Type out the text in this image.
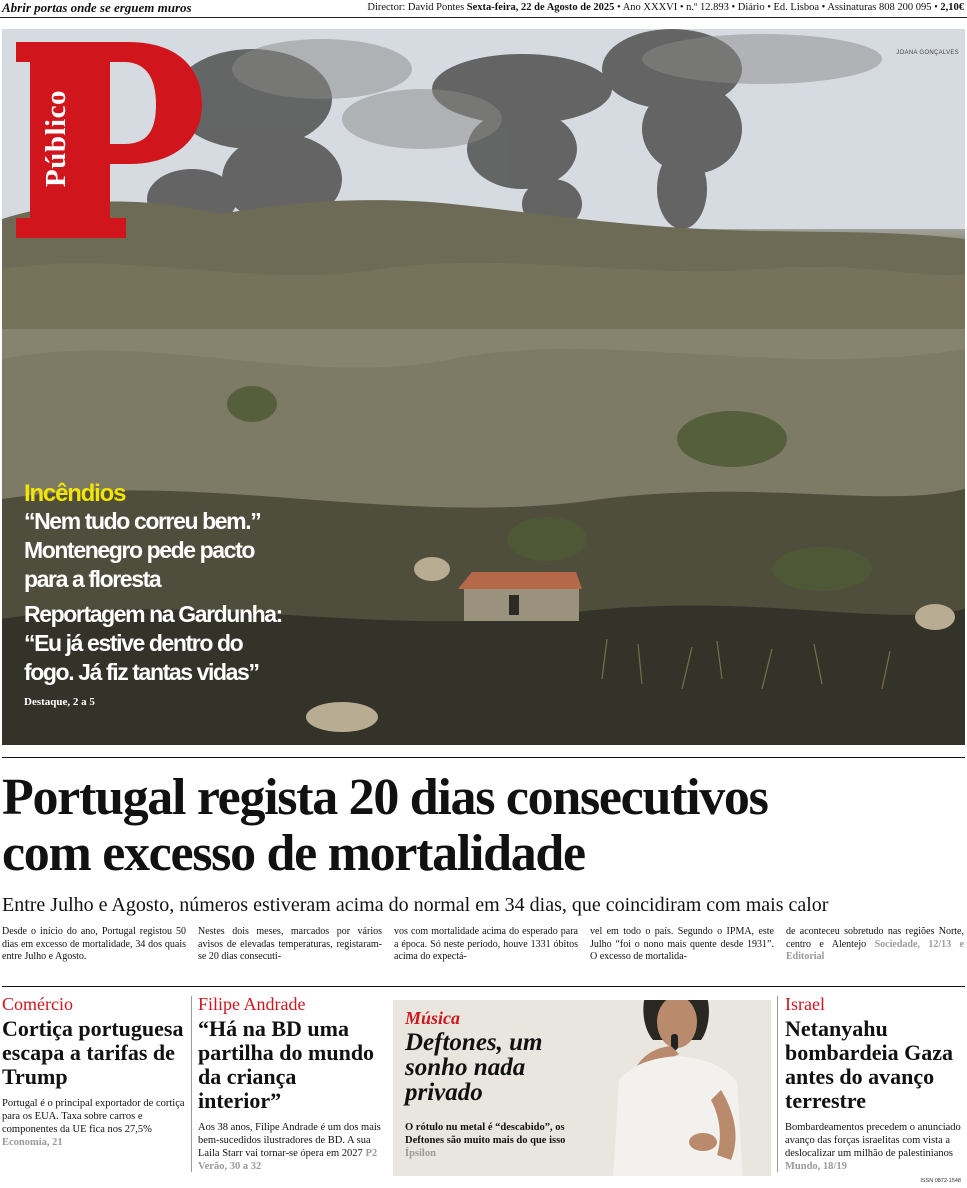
Abrir portas onde se erguem muros	Director: David Pontes Sexta-feira, 22 de Agosto de 2025 • Ano XXXVI • n.º 12.893 • Diário • Ed. Lisboa • Assinaturas 808 200 095 • 2,10€
JOANA GONÇALVES
Público
Incêndios
“Nem tudo correu bem.”
Montenegro pede pacto
para a floresta
Reportagem na Gardunha:
“Eu já estive dentro do
fogo. Já fiz tantas vidas”
Destaque, 2 a 5
Portugal regista 20 dias consecutivos
com excesso de mortalidade
Entre Julho e Agosto, números estiveram acima do normal em 34 dias, que coincidiram com mais calor
Desde o início do ano, Portugal registou 50 dias em excesso de mortalidade, 34 dos quais entre Julho e Agosto.
Nestes dois meses, marcados por vários avisos de elevadas temperaturas, registaram-se 20 dias consecuti-
vos com mortalidade acima do esperado para a época. Só neste período, houve 1331 óbitos acima do expectá-
vel em todo o país. Segundo o IPMA, este Julho “foi o nono mais quente desde 1931”. O excesso de mortalida-
de aconteceu sobretudo nas regiões Norte, centro e Alentejo Sociedade, 12/13 e Editorial
Comércio
Cortiça portuguesa escapa a tarifas de Trump
Portugal é o principal exportador de cortiça para os EUA. Taxa sobre carros e componentes da UE fica nos 27,5% Economia, 21
Filipe Andrade
“Há na BD uma partilha do mundo da criança interior”
Aos 38 anos, Filipe Andrade é um dos mais bem-sucedidos ilustradores de BD. A sua Laila Starr vai tornar-se ópera em 2027 P2 Verão, 30 a 32
Música
Deftones, um sonho nada privado
O rótulo nu metal é “descabido”, os Deftones são muito mais do que isso Ípsilon
Israel
Netanyahu bombardeia Gaza antes do avanço terrestre
Bombardeamentos precedem o anunciado avanço das forças israelitas com vista a deslocalizar um milhão de palestinianos Mundo, 18/19
ISSN 0872-1548
